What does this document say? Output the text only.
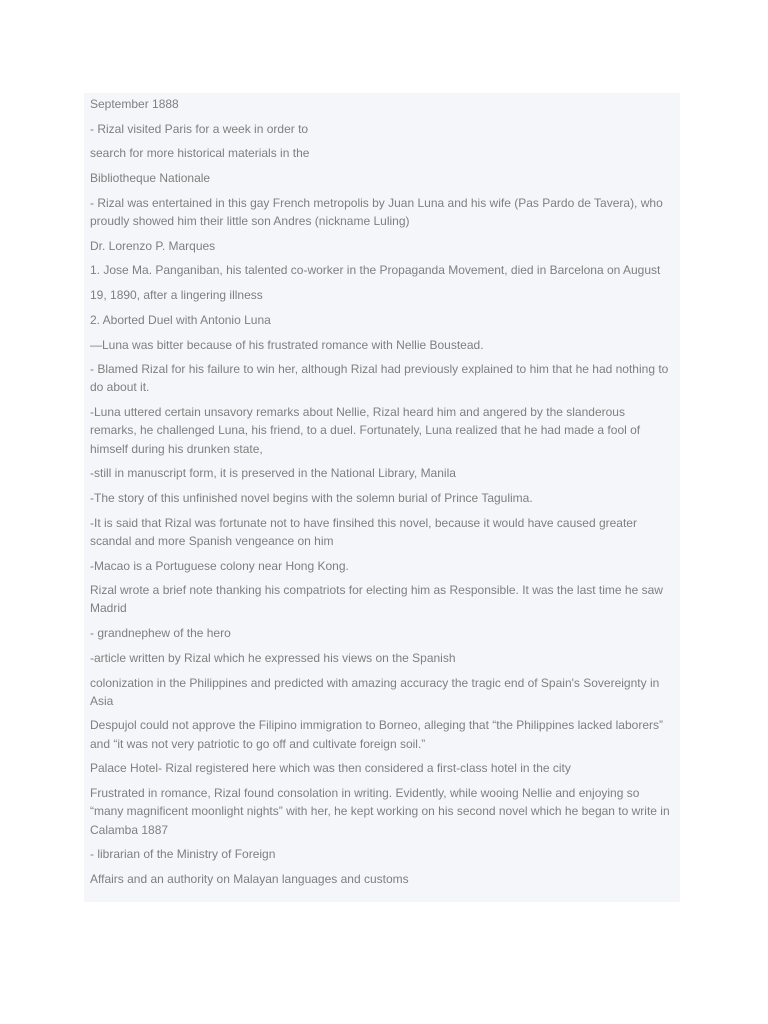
September 1888

- Rizal visited Paris for a week in order to

search for more historical materials in the

Bibliotheque Nationale

- Rizal was entertained in this gay French metropolis by Juan Luna and his wife (Pas Pardo de Tavera), who proudly showed him their little son Andres (nickname Luling)

Dr. Lorenzo P. Marques

1. Jose Ma. Panganiban, his talented co-worker in the Propaganda Movement, died in Barcelona on August

19, 1890, after a lingering illness

2. Aborted Duel with Antonio Luna

—Luna was bitter because of his frustrated romance with Nellie Boustead.

- Blamed Rizal for his failure to win her, although Rizal had previously explained to him that he had nothing to do about it.

-Luna uttered certain unsavory remarks about Nellie, Rizal heard him and angered by the slanderous remarks, he challenged Luna, his friend, to a duel. Fortunately, Luna realized that he had made a fool of himself during his drunken state,

-still in manuscript form, it is preserved in the National Library, Manila

-The story of this unfinished novel begins with the solemn burial of Prince Tagulima.

-It is said that Rizal was fortunate not to have finsihed this novel, because it would have caused greater scandal and more Spanish vengeance on him

-Macao is a Portuguese colony near Hong Kong.

Rizal wrote a brief note thanking his compatriots for electing him as Responsible. It was the last time he saw Madrid

- grandnephew of the hero

-article written by Rizal which he expressed his views on the Spanish

colonization in the Philippines and predicted with amazing accuracy the tragic end of Spain's Sovereignty in Asia

Despujol could not approve the Filipino immigration to Borneo, alleging that “the Philippines lacked laborers” and “it was not very patriotic to go off and cultivate foreign soil.”

Palace Hotel- Rizal registered here which was then considered a first-class hotel in the city

Frustrated in romance, Rizal found consolation in writing. Evidently, while wooing Nellie and enjoying so “many magnificent moonlight nights” with her, he kept working on his second novel which he began to write in Calamba 1887

- librarian of the Ministry of Foreign

Affairs and an authority on Malayan languages and customs
